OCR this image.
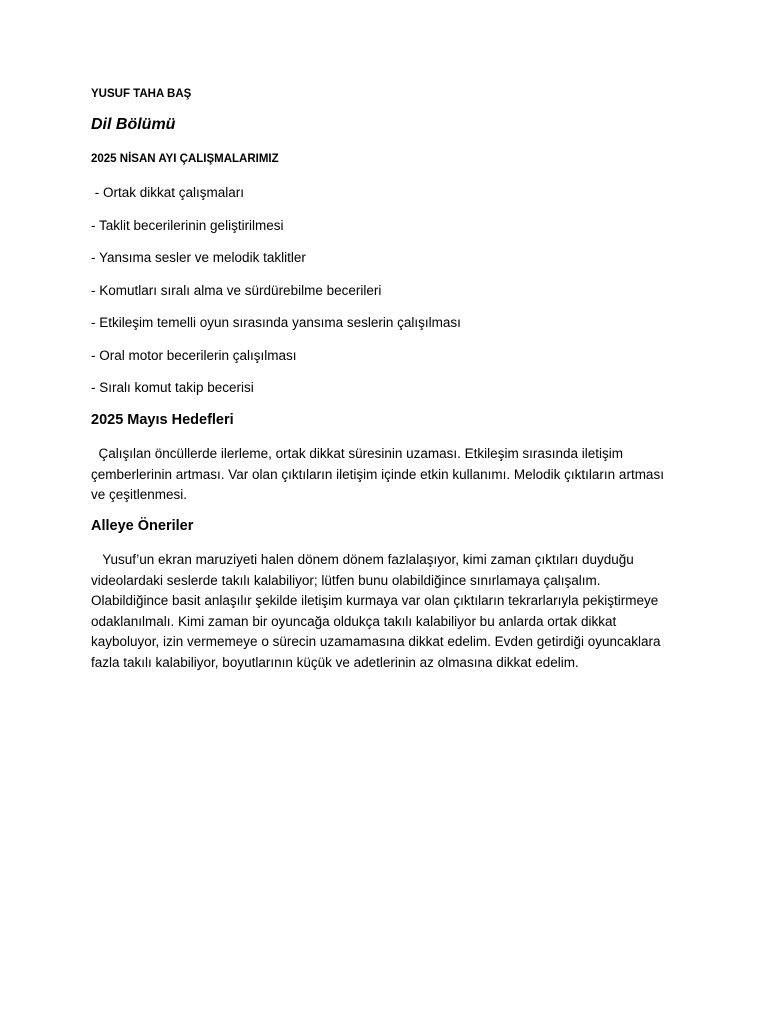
YUSUF TAHA BAŞ
Dil Bölümü
2025 NİSAN AYI ÇALIŞMALARIMIZ
- Ortak dikkat çalışmaları
- Taklit becerilerinin geliştirilmesi
- Yansıma sesler ve melodik taklitler
- Komutları sıralı alma ve sürdürebilme becerileri
- Etkileşim temelli oyun sırasında yansıma seslerin çalışılması
- Oral motor becerilerin çalışılması
- Sıralı komut takip becerisi
2025 Mayıs Hedefleri
Çalışılan öncüllerde ilerleme, ortak dikkat süresinin uzaması. Etkileşim sırasında iletişim çemberlerinin artması. Var olan çıktıların iletişim içinde etkin kullanımı. Melodik çıktıların artması ve çeşitlenmesi.
Alleye Öneriler
Yusuf’un ekran maruziyeti halen dönem dönem fazlalaşıyor, kimi zaman çıktıları duyduğu videolardaki seslerde takılı kalabiliyor; lütfen bunu olabildiğince sınırlamaya çalışalım. Olabildiğince basit anlaşılır şekilde iletişim kurmaya var olan çıktıların tekrarlarıyla pekiştirmeye odaklanılmalı. Kimi zaman bir oyuncağa oldukça takılı kalabiliyor bu anlarda ortak dikkat kayboluyor, izin vermemeye o sürecin uzamamasına dikkat edelim. Evden getirdiği oyuncaklara fazla takılı kalabiliyor, boyutlarının küçük ve adetlerinin az olmasına dikkat edelim.
